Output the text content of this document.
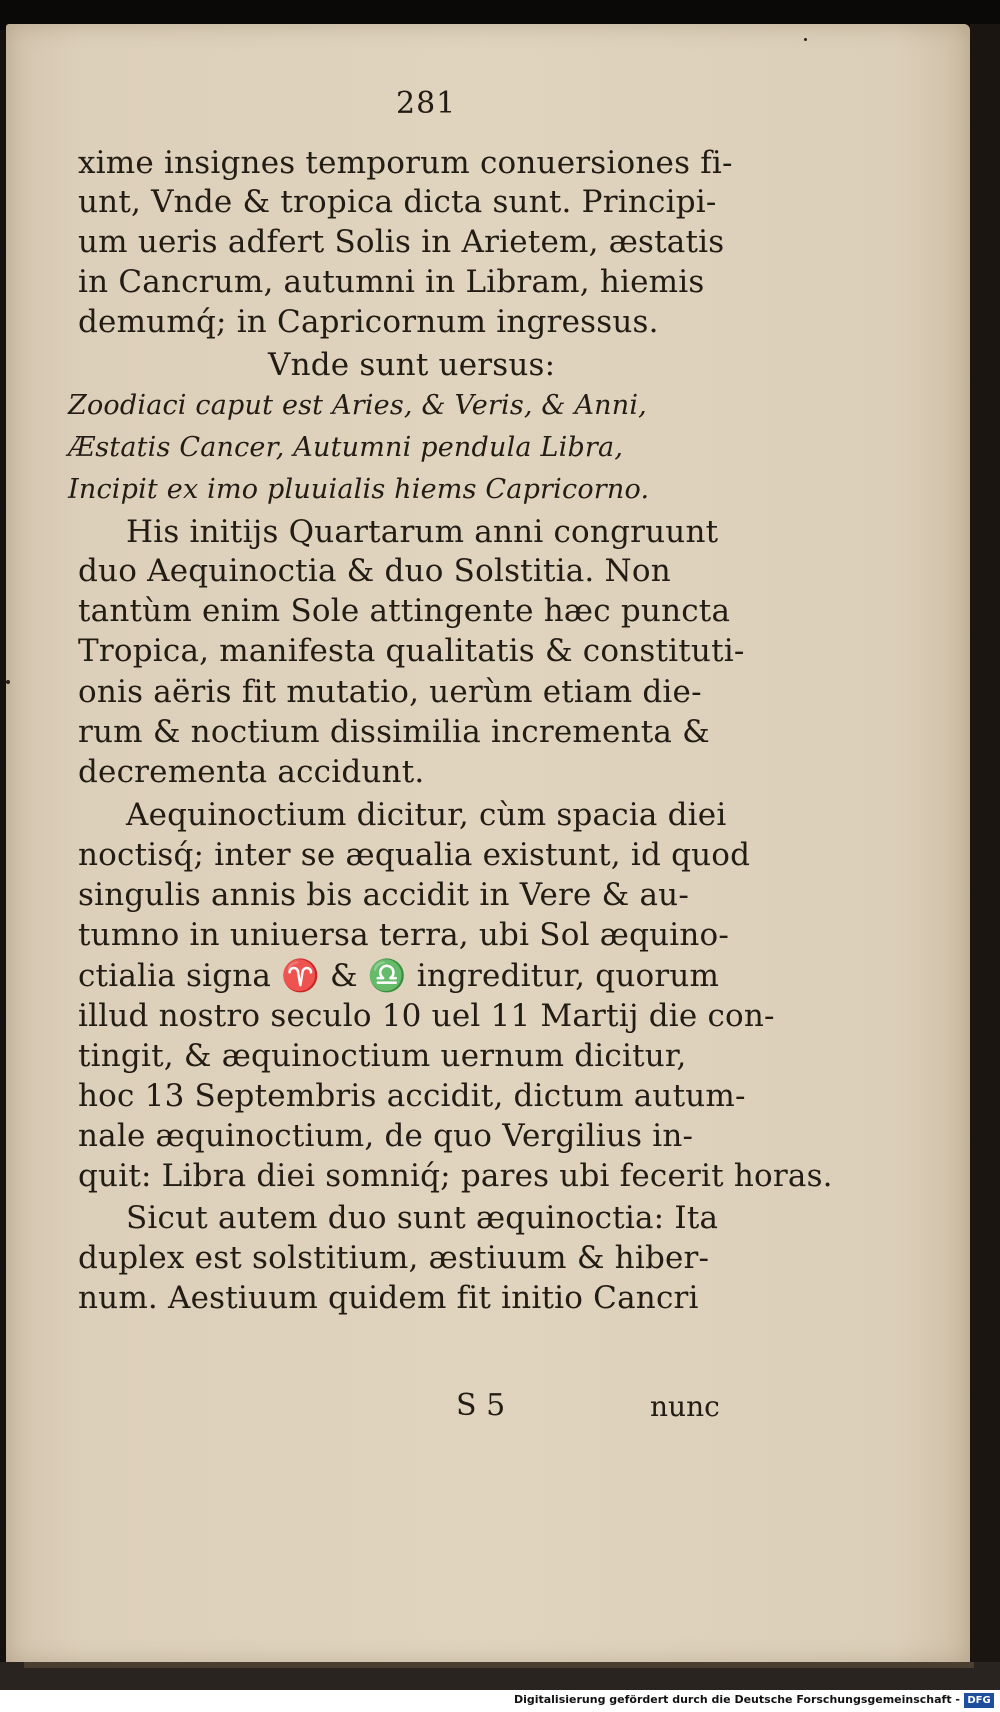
281
xime insignes temporum conuersiones fi-
unt, Vnde & tropica dicta sunt. Principi-
um ueris adfert Solis in Arietem, æstatis
in Cancrum, autumni in Libram, hiemis
demumq́; in Capricornum ingressus.
Vnde sunt uersus:
Zoodiaci caput est Aries, & Veris, & Anni,
Æstatis Cancer, Autumni pendula Libra,
Incipit ex imo pluuialis hiems Capricorno.
His initijs Quartarum anni congruunt
duo Aequinoctia & duo Solstitia. Non
tantùm enim Sole attingente hæc puncta
Tropica, manifesta qualitatis & constituti-
onis aëris fit mutatio, uerùm etiam die-
rum & noctium dissimilia incrementa &
decrementa accidunt.
Aequinoctium dicitur, cùm spacia diei
noctisq́; inter se æqualia existunt, id quod
singulis annis bis accidit in Vere & au-
tumno in uniuersa terra, ubi Sol æquino-
ctialia signa ♈ & ♎ ingreditur, quorum
illud nostro seculo 10 uel 11 Martij die con-
tingit, & æquinoctium uernum dicitur,
hoc 13 Septembris accidit, dictum autum-
nale æquinoctium, de quo Vergilius in-
quit: Libra diei somniq́; pares ubi fecerit horas.
Sicut autem duo sunt æquinoctia: Ita
duplex est solstitium, æstiuum & hiber-
num. Aestiuum quidem fit initio Cancri
S 5	nunc
Digitalisierung gefördert durch die Deutsche Forschungsgemeinschaft - DFG
